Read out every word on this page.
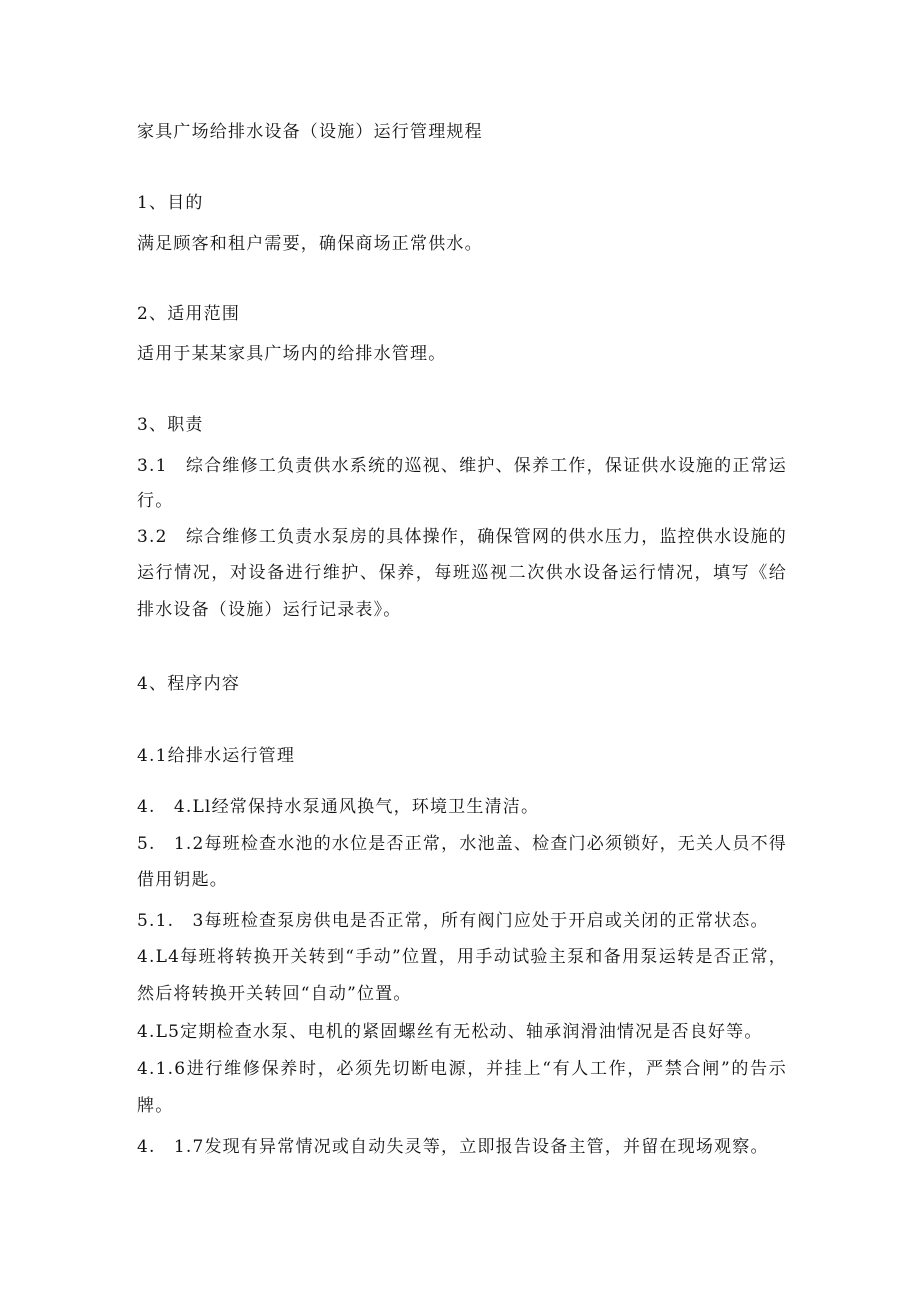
家具广场给排水设备（设施）运行管理规程
1、目的
满足顾客和租户需要，确保商场正常供水。
2、适用范围
适用于某某家具广场内的给排水管理。
3、职责
3.1　综合维修工负责供水系统的巡视、维护、保养工作，保证供水设施的正常运
行。
3.2　综合维修工负责水泵房的具体操作，确保管网的供水压力，监控供水设施的
运行情况，对设备进行维护、保养，每班巡视二次供水设备运行情况，填写《给
排水设备（设施）运行记录表》。
4、程序内容
4.1给排水运行管理
4.　4.Ll经常保持水泵通风换气，环境卫生清洁。
5.　1.2每班检查水池的水位是否正常，水池盖、检查门必须锁好，无关人员不得
借用钥匙。
5.1.　3每班检查泵房供电是否正常，所有阀门应处于开启或关闭的正常状态。
4.L4每班将转换开关转到“手动”位置，用手动试验主泵和备用泵运转是否正常，
然后将转换开关转回“自动”位置。
4.L5定期检查水泵、电机的紧固螺丝有无松动、轴承润滑油情况是否良好等。
4.1.6进行维修保养时，必须先切断电源，并挂上“有人工作，严禁合闸”的告示
牌。
4.　1.7发现有异常情况或自动失灵等，立即报告设备主管，并留在现场观察。
